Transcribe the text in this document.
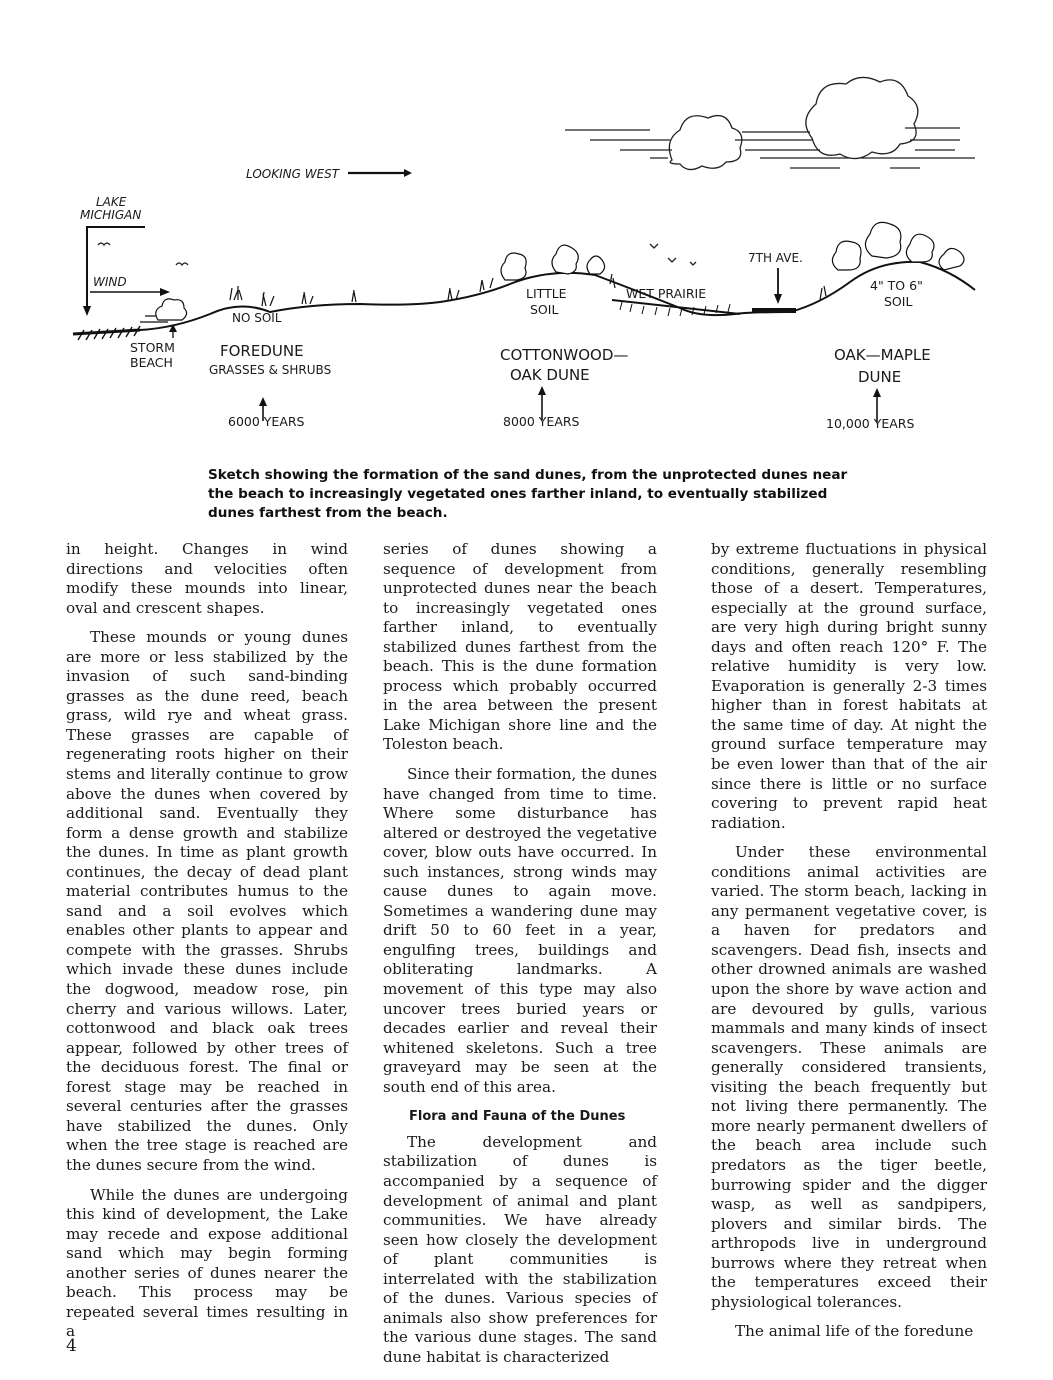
LOOKING WEST
LAKE
MICHIGAN
WIND
NO SOIL
STORM
BEACH
FOREDUNE
GRASSES & SHRUBS
6000 YEARS
LITTLE
SOIL
WET PRAIRIE
7TH AVE.
4" TO 6"
SOIL
COTTONWOOD—
OAK DUNE
8000 YEARS
OAK—MAPLE
DUNE
10,000 YEARS
Sketch showing the formation of the sand dunes, from the unprotected dunes near the beach to increasingly vegetated ones farther inland, to eventually stabilized dunes farthest from the beach.

in height. Changes in wind directions and velocities often modify these mounds into linear, oval and crescent shapes.

These mounds or young dunes are more or less stabilized by the invasion of such sand-binding grasses as the dune reed, beach grass, wild rye and wheat grass. These grasses are capable of regenerating roots higher on their stems and literally continue to grow above the dunes when covered by additional sand. Eventually they form a dense growth and stabilize the dunes. In time as plant growth continues, the decay of dead plant material contributes humus to the sand and a soil evolves which enables other plants to appear and compete with the grasses. Shrubs which invade these dunes include the dogwood, meadow rose, pin cherry and various willows. Later, cottonwood and black oak trees appear, followed by other trees of the deciduous forest. The final or forest stage may be reached in several centuries after the grasses have stabilized the dunes. Only when the tree stage is reached are the dunes secure from the wind.

While the dunes are undergoing this kind of development, the Lake may recede and expose additional sand which may begin forming another series of dunes nearer the beach. This process may be repeated several times resulting in a

series of dunes showing a sequence of development from unprotected dunes near the beach to increasingly vegetated ones farther inland, to eventually stabilized dunes farthest from the beach. This is the dune formation process which probably occurred in the area between the present Lake Michigan shore line and the Toleston beach.

Since their formation, the dunes have changed from time to time. Where some disturbance has altered or destroyed the vegetative cover, blow outs have occurred. In such instances, strong winds may cause dunes to again move. Sometimes a wandering dune may drift 50 to 60 feet in a year, engulfing trees, buildings and obliterating landmarks. A movement of this type may also uncover trees buried years or decades earlier and reveal their whitened skeletons. Such a tree graveyard may be seen at the south end of this area.

Flora and Fauna of the Dunes

The development and stabilization of dunes is accompanied by a sequence of development of animal and plant communities. We have already seen how closely the development of plant communities is interrelated with the stabilization of the dunes. Various species of animals also show preferences for the various dune stages. The sand dune habitat is characterized

by extreme fluctuations in physical conditions, generally resembling those of a desert. Temperatures, especially at the ground surface, are very high during bright sunny days and often reach 120° F. The relative humidity is very low. Evaporation is generally 2-3 times higher than in forest habitats at the same time of day. At night the ground surface temperature may be even lower than that of the air since there is little or no surface covering to prevent rapid heat radiation.

Under these environmental conditions animal activities are varied. The storm beach, lacking in any permanent vegetative cover, is a haven for predators and scavengers. Dead fish, insects and other drowned animals are washed upon the shore by wave action and are devoured by gulls, various mammals and many kinds of insect scavengers. These animals are generally considered transients, visiting the beach frequently but not living there permanently. The more nearly permanent dwellers of the beach area include such predators as the tiger beetle, burrowing spider and the digger wasp, as well as sandpipers, plovers and similar birds. The arthropods live in underground burrows where they retreat when the temperatures exceed their physiological tolerances.

The animal life of the foredune

4
